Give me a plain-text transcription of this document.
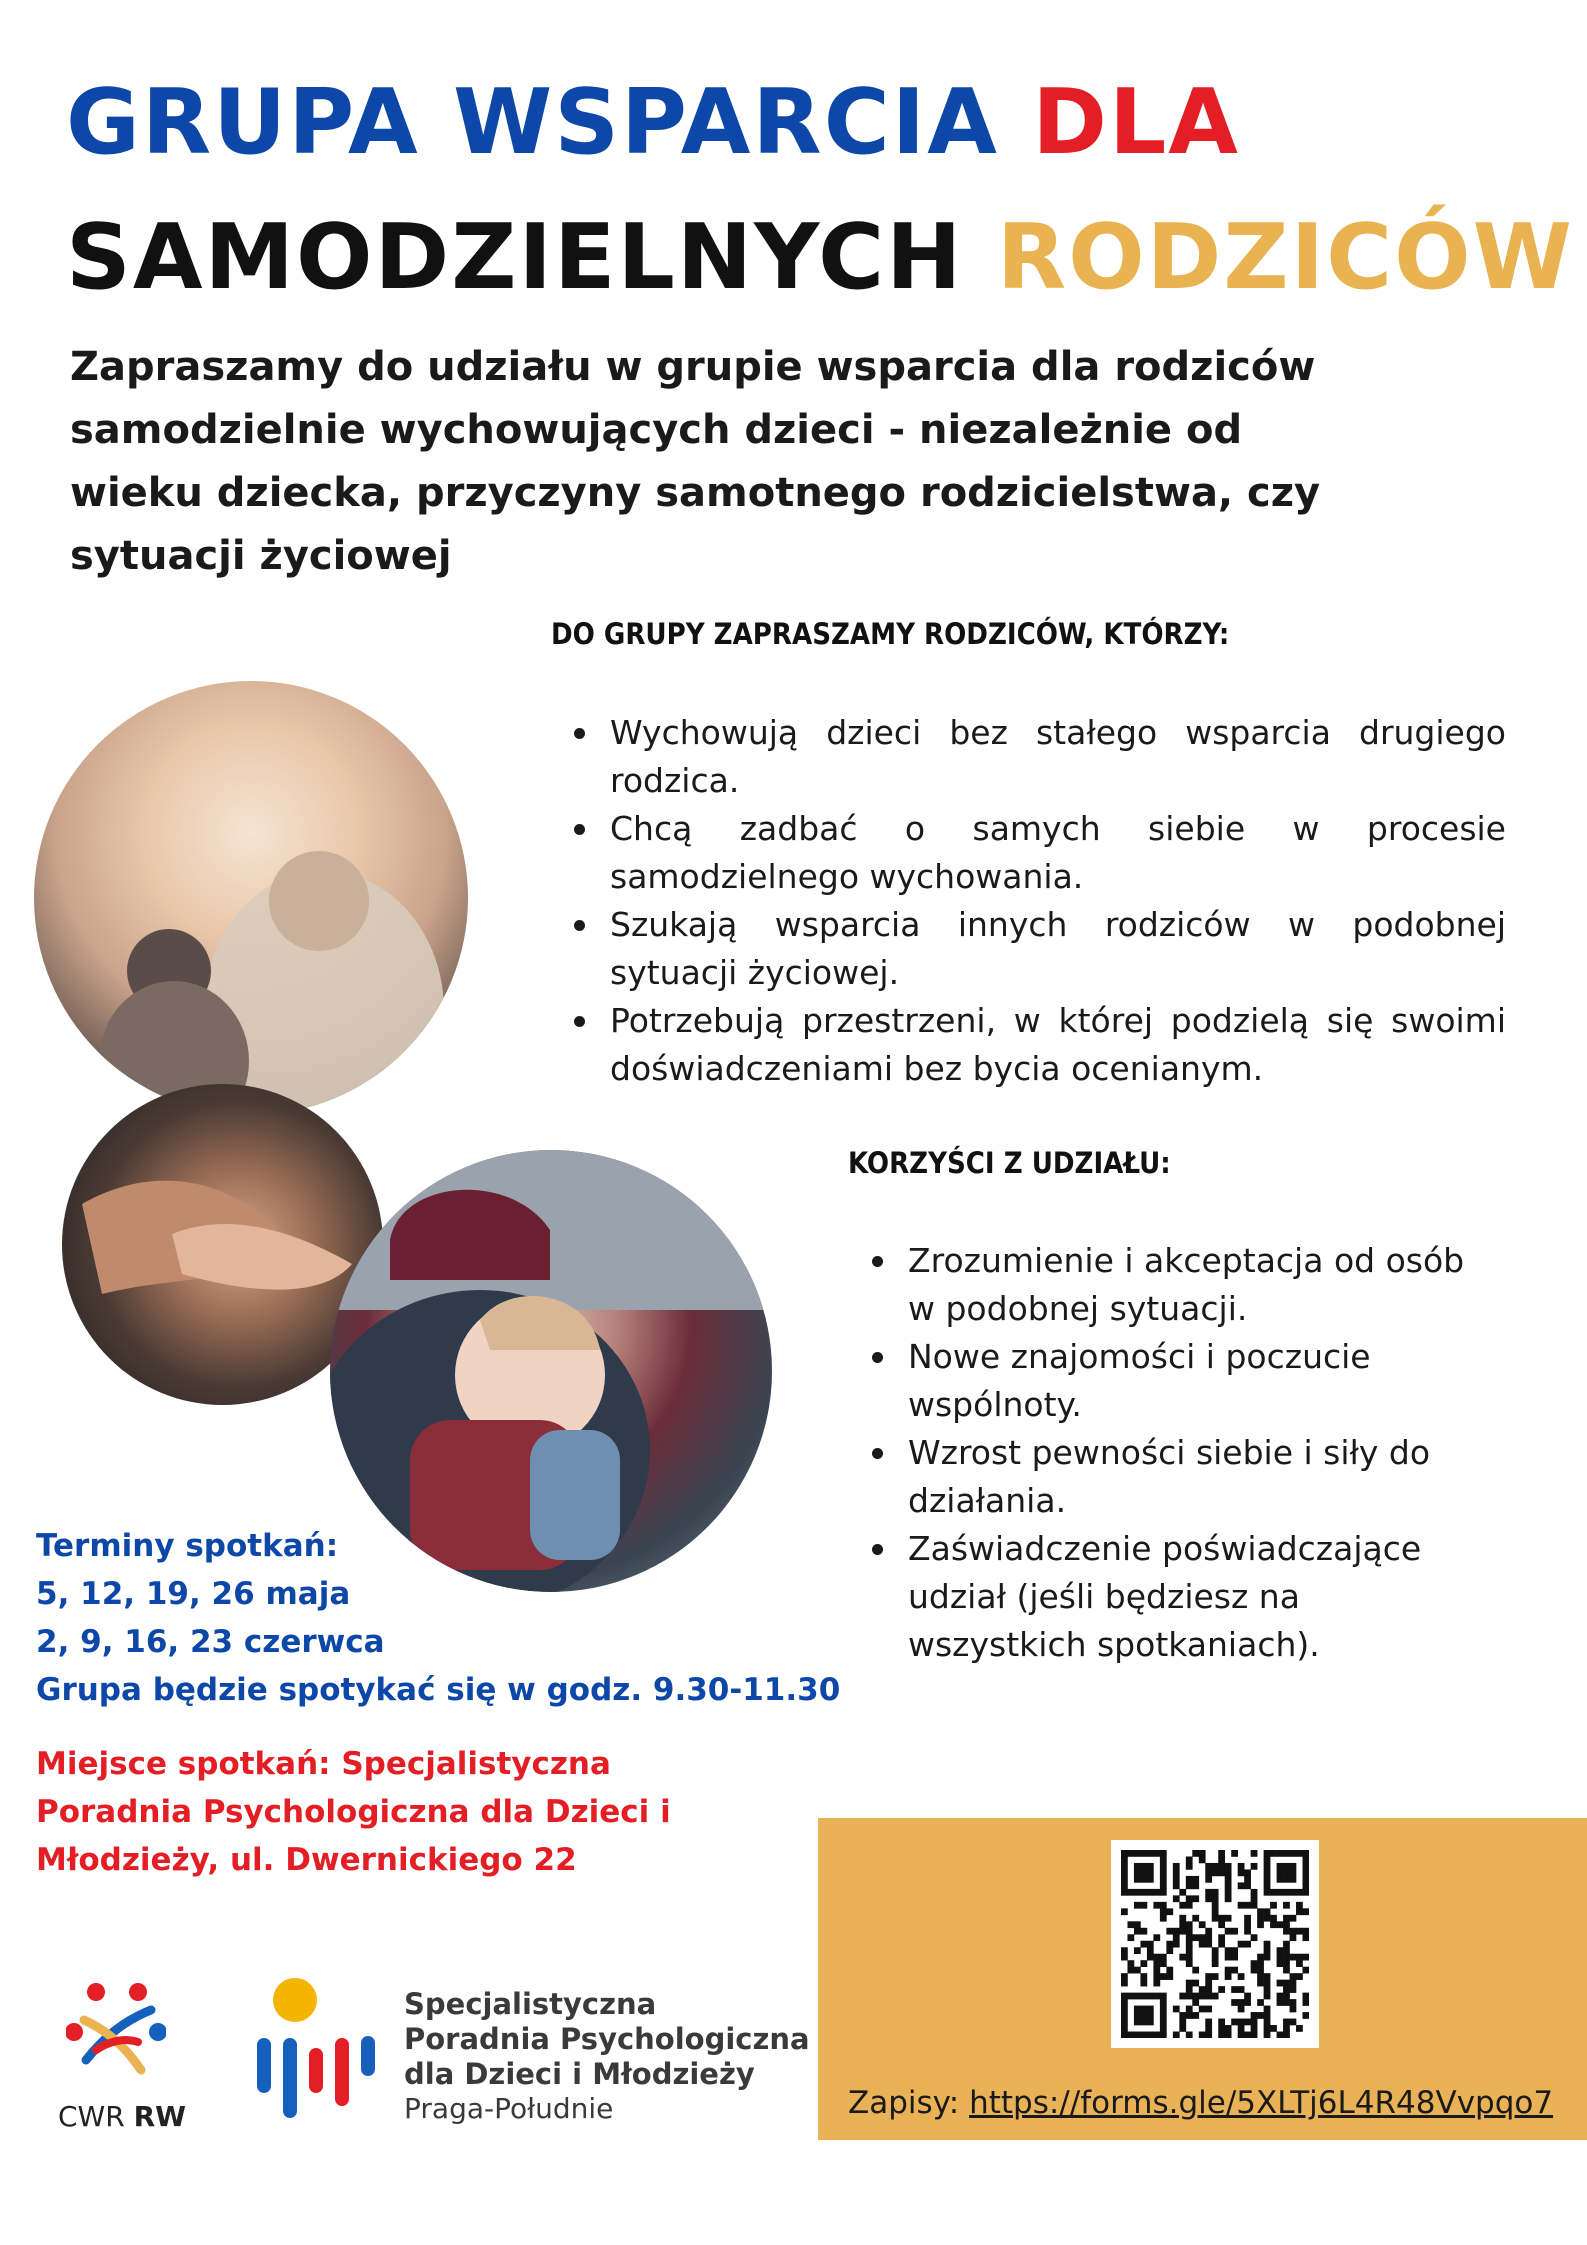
GRUPA WSPARCIA DLA
SAMODZIELNYCH RODZICÓW
Zapraszamy do udziału w grupie wsparcia dla rodziców
samodzielnie wychowujących dzieci - niezależnie od
wieku dziecka, przyczyny samotnego rodzicielstwa, czy
sytuacji życiowej
DO GRUPY ZAPRASZAMY RODZICÓW, KTÓRZY:
Wychowują dzieci bez stałego wsparcia drugiego rodzica.
Chcą zadbać o samych siebie w procesie samodzielnego wychowania.
Szukają wsparcia innych rodziców w podobnej sytuacji życiowej.
Potrzebują przestrzeni, w której podzielą się swoimi doświadczeniami bez bycia ocenianym.
KORZYŚCI Z UDZIAŁU:
Zrozumienie i akceptacja od osób w podobnej sytuacji.
Nowe znajomości i poczucie wspólnoty.
Wzrost pewności siebie i siły do działania.
Zaświadczenie poświadczające udział (jeśli będziesz na wszystkich spotkaniach).
Terminy spotkań:
5, 12, 19, 26 maja
2, 9, 16, 23 czerwca
Grupa będzie spotykać się w godz. 9.30-11.30
Miejsce spotkań: Specjalistyczna
Poradnia Psychologiczna dla Dzieci i
Młodzieży, ul. Dwernickiego 22
Zapisy: https://forms.gle/5XLTj6L4R48Vvpqo7
CWR RW
Specjalistyczna
Poradnia Psychologiczna
dla Dzieci i Młodzieży
Praga-Południe
